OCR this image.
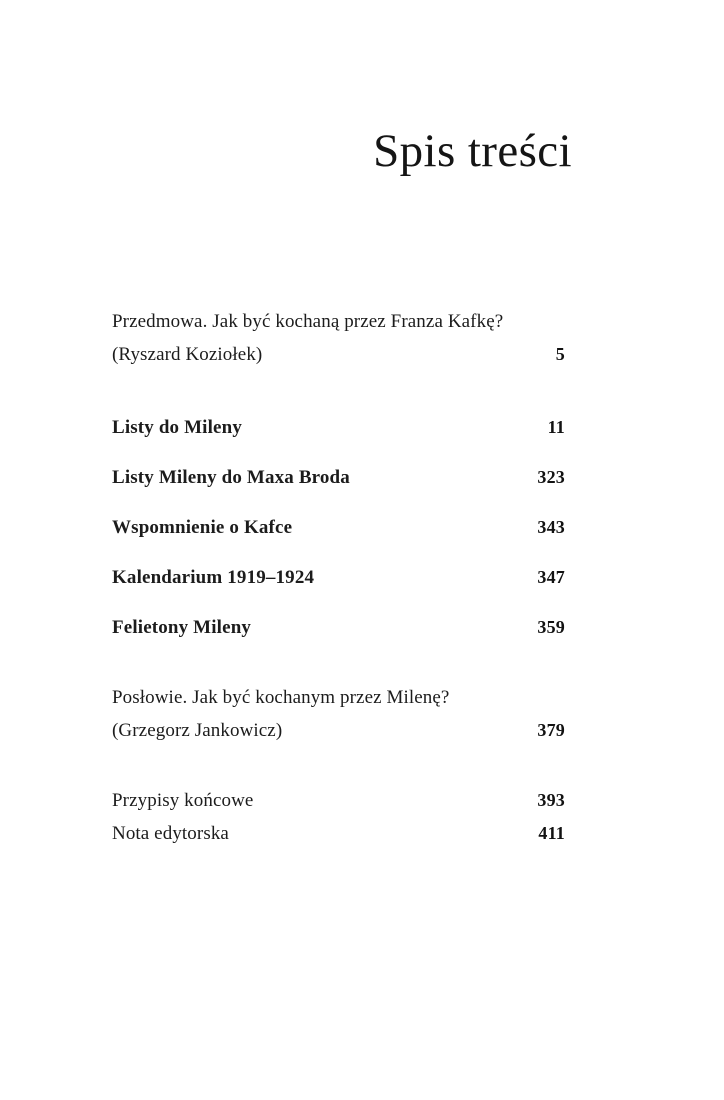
Spis treści
Przedmowa. Jak być kochaną przez Franza Kafkę?
(Ryszard Koziołek)	5
Listy do Mileny	11
Listy Mileny do Maxa Broda	323
Wspomnienie o Kafce	343
Kalendarium 1919–1924	347
Felietony Mileny	359
Posłowie. Jak być kochanym przez Milenę?
(Grzegorz Jankowicz)	379
Przypisy końcowe	393
Nota edytorska	411
